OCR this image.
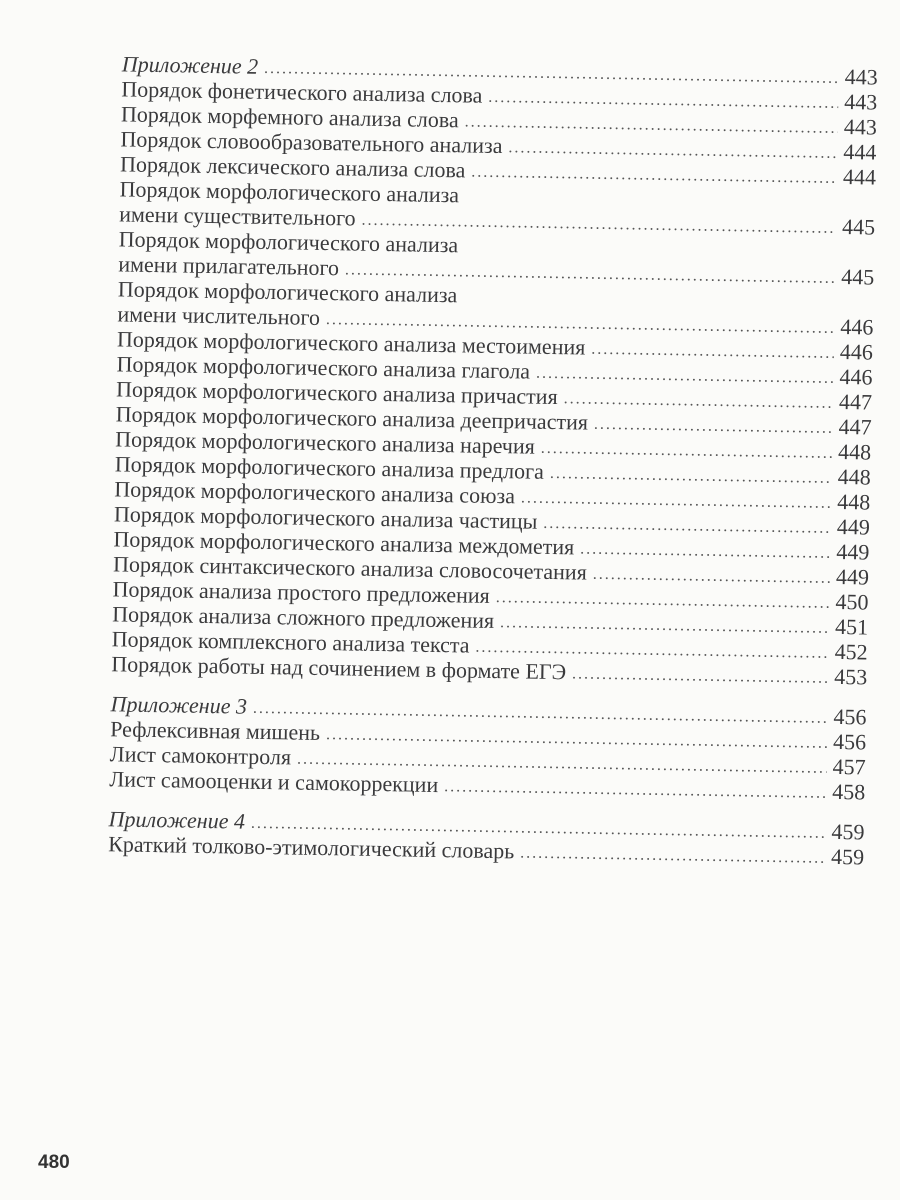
Приложение 2 . . .	443
Порядок фонетического анализа слова . . .	443
Порядок морфемного анализа слова . . .	443
Порядок словообразовательного анализа . . .	444
Порядок лексического анализа слова . . .	444
Порядок морфологического анализа
имени существительного . . .	445
Порядок морфологического анализа
имени прилагательного . . .	445
Порядок морфологического анализа
имени числительного . . .	446
Порядок морфологического анализа местоимения . . .	446
Порядок морфологического анализа глагола . . .	446
Порядок морфологического анализа причастия . . .	447
Порядок морфологического анализа деепричастия . . .	447
Порядок морфологического анализа наречия . . .	448
Порядок морфологического анализа предлога . . .	448
Порядок морфологического анализа союза . . .	448
Порядок морфологического анализа частицы . . .	449
Порядок морфологического анализа междометия . . .	449
Порядок синтаксического анализа словосочетания . . .	449
Порядок анализа простого предложения . . .	450
Порядок анализа сложного предложения . . .	451
Порядок комплексного анализа текста . . .	452
Порядок работы над сочинением в формате ЕГЭ . . .	453
Приложение 3 . . .	456
Рефлексивная мишень . . .	456
Лист самоконтроля . . .	457
Лист самооценки и самокоррекции . . .	458
Приложение 4 . . .	459
Краткий толково-этимологический словарь . . .	459
480
